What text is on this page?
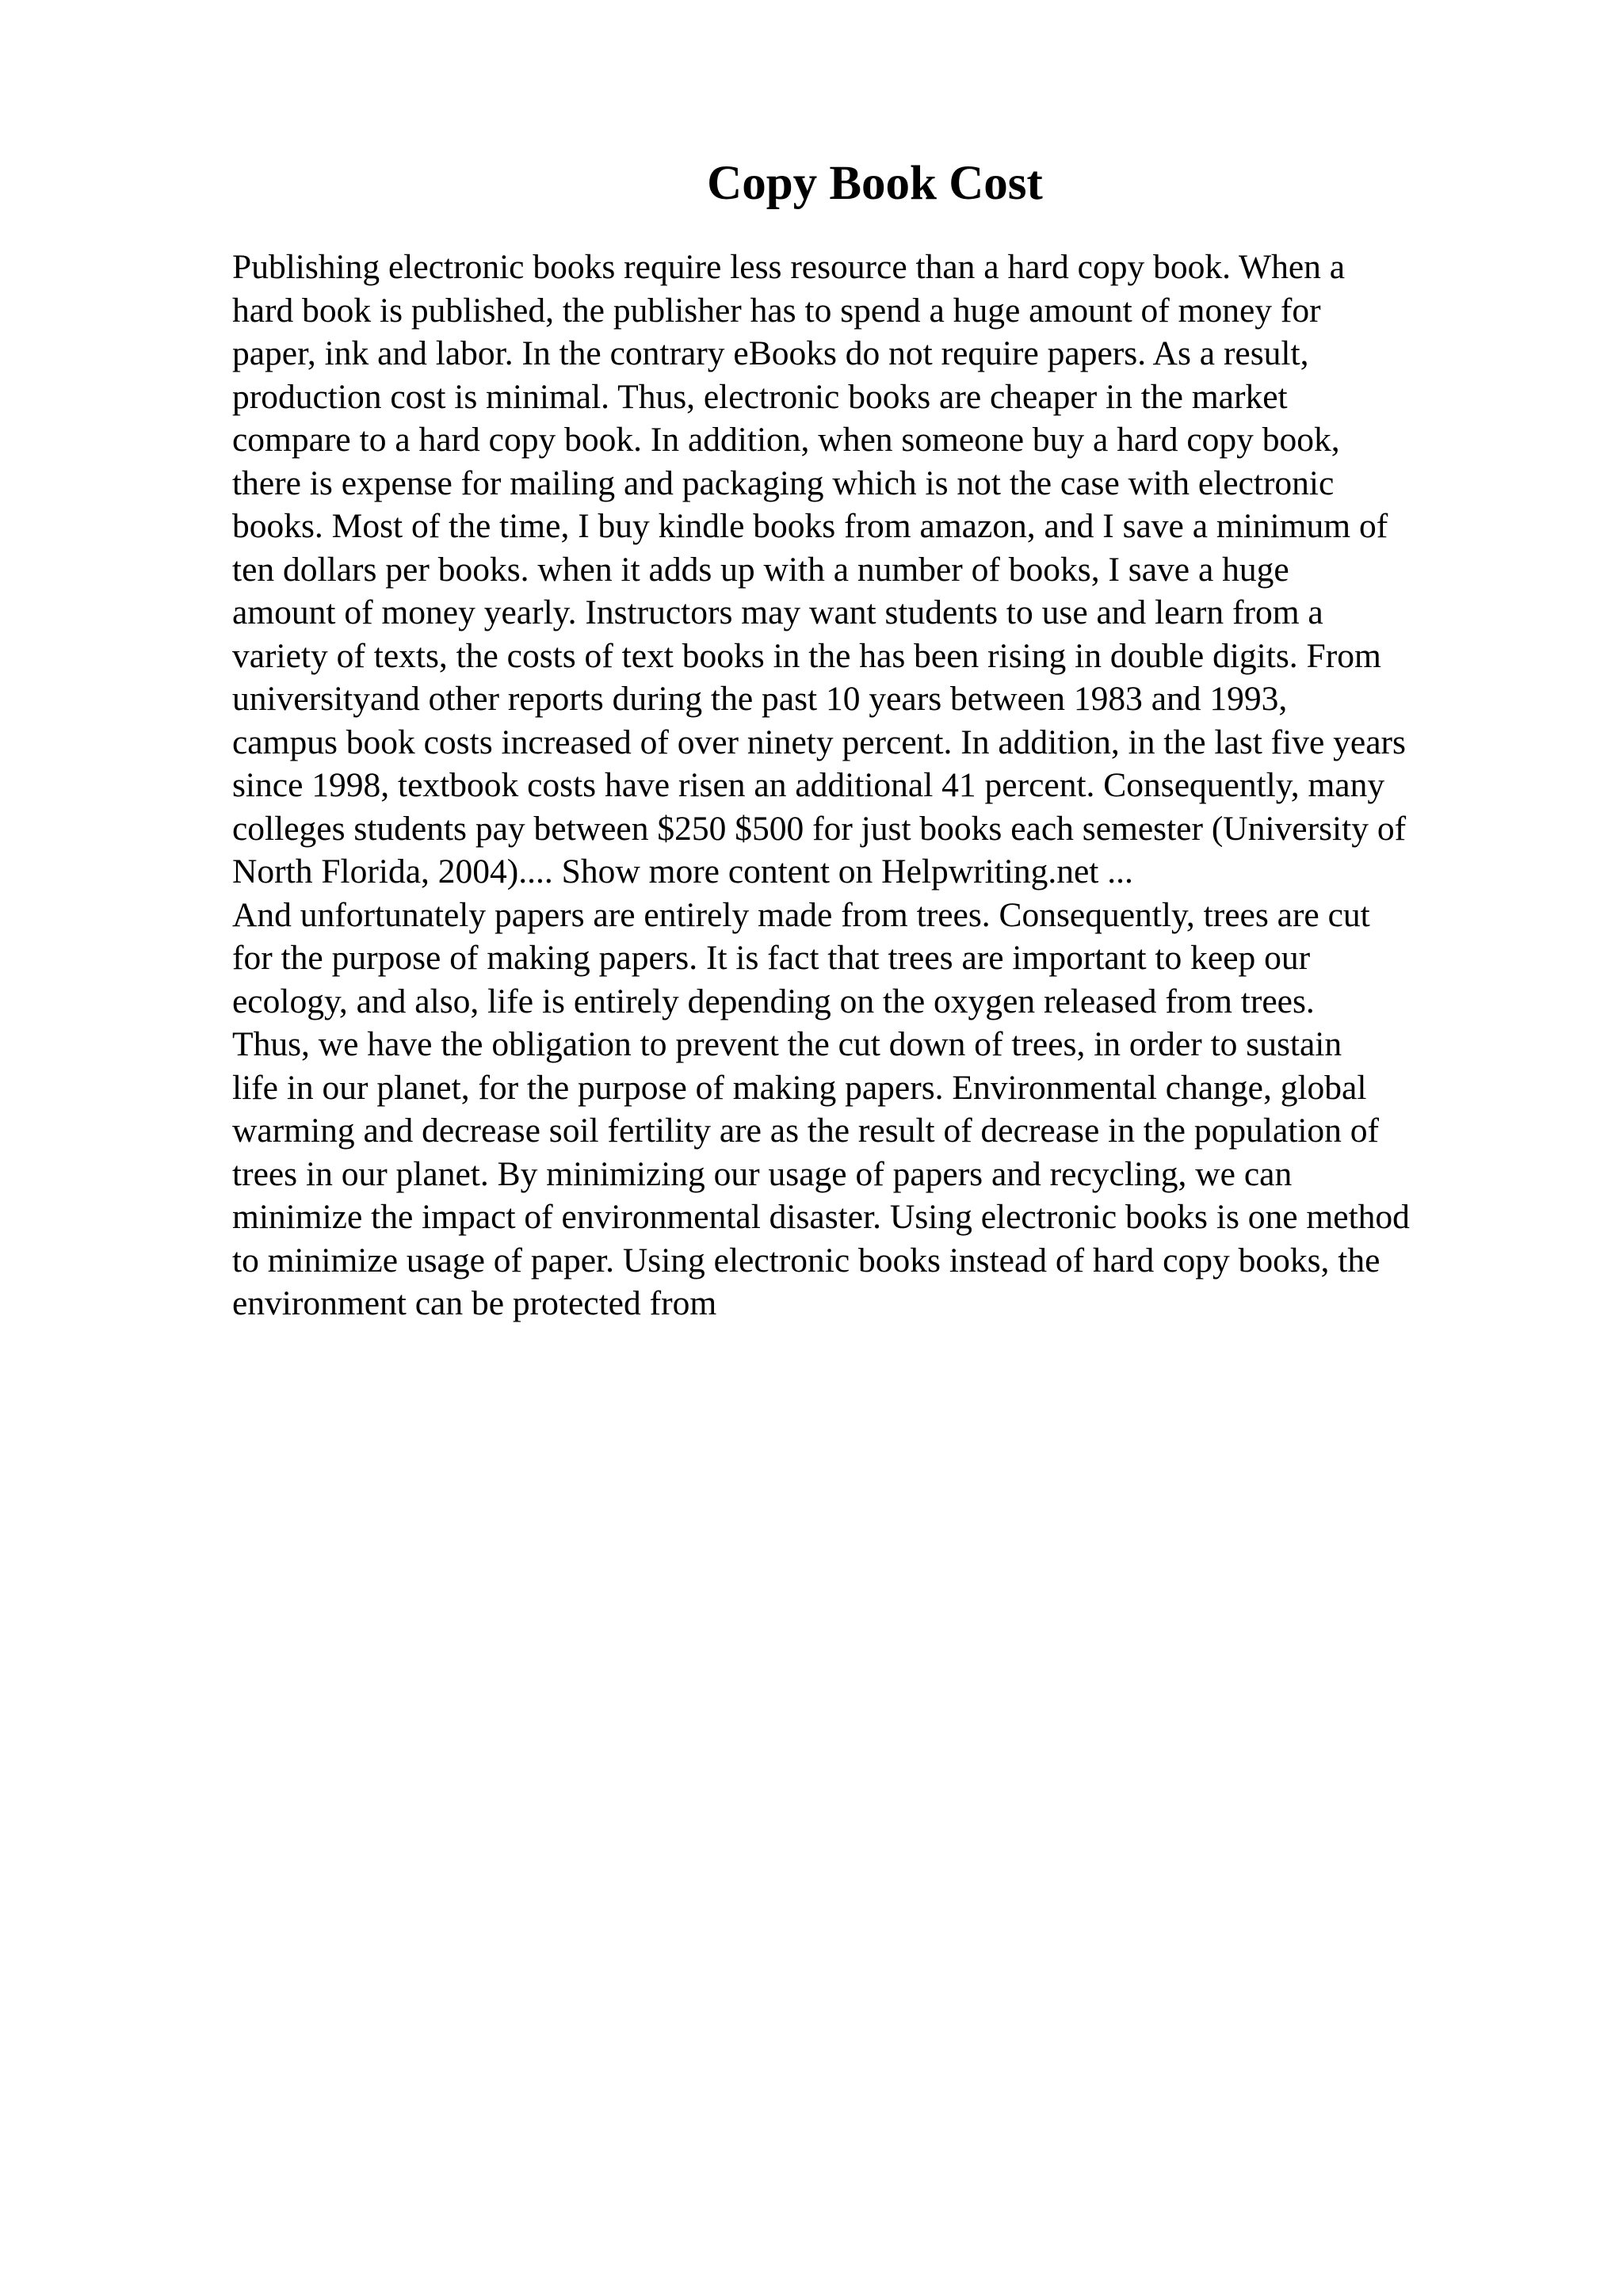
Copy Book Cost
Publishing electronic books require less resource than a hard copy book. When a
hard book is published, the publisher has to spend a huge amount of money for
paper, ink and labor. In the contrary eBooks do not require papers. As a result,
production cost is minimal. Thus, electronic books are cheaper in the market
compare to a hard copy book. In addition, when someone buy a hard copy book,
there is expense for mailing and packaging which is not the case with electronic
books. Most of the time, I buy kindle books from amazon, and I save a minimum of
ten dollars per books. when it adds up with a number of books, I save a huge
amount of money yearly. Instructors may want students to use and learn from a
variety of texts, the costs of text books in the has been rising in double digits. From
universityand other reports during the past 10 years between 1983 and 1993,
campus book costs increased of over ninety percent. In addition, in the last five years
since 1998, textbook costs have risen an additional 41 percent. Consequently, many
colleges students pay between $250 $500 for just books each semester (University of
North Florida, 2004).... Show more content on Helpwriting.net ...
And unfortunately papers are entirely made from trees. Consequently, trees are cut
for the purpose of making papers. It is fact that trees are important to keep our
ecology, and also, life is entirely depending on the oxygen released from trees.
Thus, we have the obligation to prevent the cut down of trees, in order to sustain
life in our planet, for the purpose of making papers. Environmental change, global
warming and decrease soil fertility are as the result of decrease in the population of
trees in our planet. By minimizing our usage of papers and recycling, we can
minimize the impact of environmental disaster. Using electronic books is one method
to minimize usage of paper. Using electronic books instead of hard copy books, the
environment can be protected from
